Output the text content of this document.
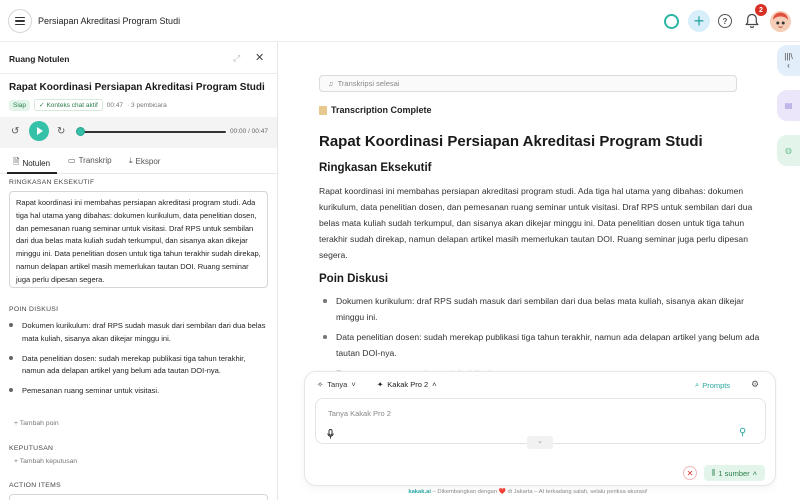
Persiapan Akreditasi Program Studi	+ ?
2
Ruang Notulen	⤢ ✕
Rapat Koordinasi Persiapan Akreditasi Program Studi
Siap	✓ Konteks chat aktif 00:47 · 3 pembicara
↺	↻	00:00 / 00:47
🗎 Notulen ▭ Transkrip ⤓ Ekspor
RINGKASAN EKSEKUTIF
Rapat koordinasi ini membahas persiapan akreditasi program studi. Ada tiga hal utama yang dibahas: dokumen kurikulum, data penelitian dosen, dan pemesanan ruang seminar untuk visitasi. Draf RPS untuk sembilan dari dua belas mata kuliah sudah terkumpul, dan sisanya akan dikejar minggu ini. Data penelitian dosen untuk tiga tahun terakhir sudah direkap, namun delapan artikel masih memerlukan tautan DOI. Ruang seminar juga perlu dipesan segera.
POIN DISKUSI
Dokumen kurikulum: draf RPS sudah masuk dari sembilan dari dua belas mata kuliah, sisanya akan dikejar minggu ini.
Data penelitian dosen: sudah merekap publikasi tiga tahun terakhir, namun ada delapan artikel yang belum ada tautan DOI-nya.
Pemesanan ruang seminar untuk visitasi.
+ Tambah poin
KEPUTUSAN
+ Tambah keputusan
ACTION ITEMS
♫ Transkripsi selesai
Transcription Complete
Rapat Koordinasi Persiapan Akreditasi Program Studi
Ringkasan Eksekutif
Rapat koordinasi ini membahas persiapan akreditasi program studi. Ada tiga hal utama yang dibahas: dokumen kurikulum, data penelitian dosen, dan pemesanan ruang seminar untuk visitasi. Draf RPS untuk sembilan dari dua belas mata kuliah sudah terkumpul, dan sisanya akan dikejar minggu ini. Data penelitian dosen untuk tiga tahun terakhir sudah direkap, namun delapan artikel masih memerlukan tautan DOI. Ruang seminar juga perlu dipesan segera.
Poin Diskusi
Dokumen kurikulum: draf RPS sudah masuk dari sembilan dari dua belas mata kuliah, sisanya akan dikejar minggu ini.
Data penelitian dosen: sudah merekap publikasi tiga tahun terakhir, namun ada delapan artikel yang belum ada tautan DOI-nya.
✧ Tanya ˅	✦ Kakak Pro 2 ˄	⌕ Prompts ⚙
Tanya Kakak Pro 2
⚲
⌄
✕ ⫼ 1 sumber ˄
kakak.ai – Dikembangkan dengan ❤️ di Jakarta – AI terkadang salah, selalu periksa akurasi!
|||\
‹
▤
◍
